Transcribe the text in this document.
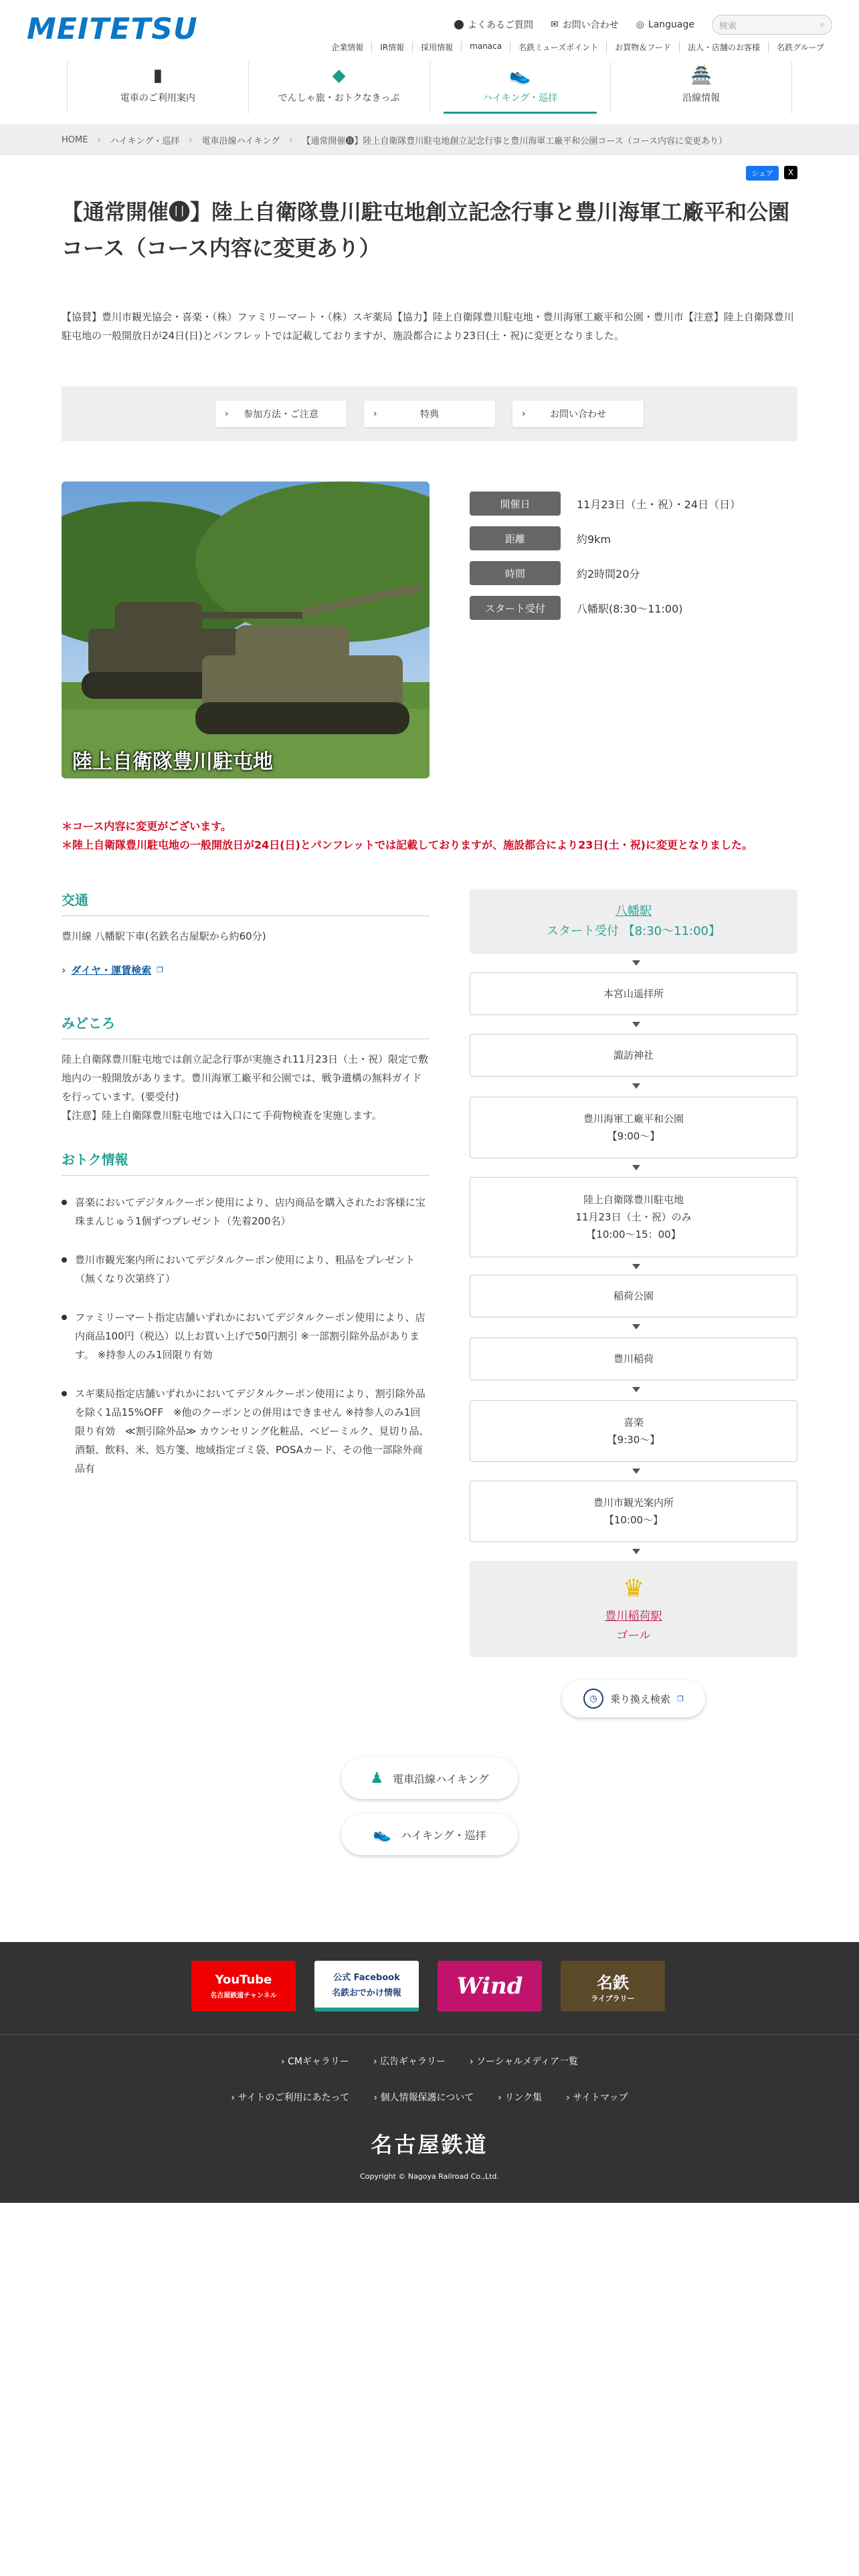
MEITETSU	よくあるご質問 ✉ お問い合わせ ◎ Language	検索	⌕
企業情報	IR情報	採用情報	manaca	名鉄ミューズポイント	お買物＆フード	法人・店舗のお客様	名鉄グループ
▮
電車のご利用案内
◆
でんしゃ旅・おトクなきっぷ
👟
ハイキング・巡拝
🏯
沿線情報
HOME › ハイキング・巡拝 › 電車沿線ハイキング › 【通常開催⓫】陸上自衛隊豊川駐屯地創立記念行事と豊川海軍工廠平和公園コース（コース内容に変更あり）
シェア	X
【通常開催⓫】陸上自衛隊豊川駐屯地創立記念行事と豊川海軍工廠平和公園コース（コース内容に変更あり）
【協賛】豊川市観光協会・喜楽・（株）ファミリーマート・（株）スギ薬局【協力】陸上自衛隊豊川駐屯地・豊川海軍工廠平和公園・豊川市【注意】陸上自衛隊豊川駐屯地の一般開放日が24日(日)とパンフレットでは記載しておりますが、施設都合により23日(土・祝)に変更となりました。
› 参加方法・ご注意	›	特典	›	お問い合わせ
陸上自衛隊豊川駐屯地
開催日	11月23日（土・祝）・24日（日）
距離	約9km
時間	約2時間20分
スタート受付	八幡駅(8:30〜11:00)
＊コース内容に変更がございます。
＊陸上自衛隊豊川駐屯地の一般開放日が24日(日)とパンフレットでは記載しておりますが、施設都合により23日(土・祝)に変更となりました。
交通
豊川線 八幡駅下車(名鉄名古屋駅から約60分)
› ダイヤ・運賃検索 ❐
みどころ
陸上自衛隊豊川駐屯地では創立記念行事が実施され11月23日（土・祝）限定で敷地内の一般開放があります。豊川海軍工廠平和公園では、戦争遺構の無料ガイドを行っています。(要受付)
【注意】陸上自衛隊豊川駐屯地では入口にて手荷物検査を実施します。
おトク情報
喜楽においてデジタルクーポン使用により、店内商品を購入されたお客様に宝珠まんじゅう1個ずつプレゼント（先着200名）
豊川市観光案内所においてデジタルクーポン使用により、粗品をプレゼント（無くなり次第終了）
ファミリーマート指定店舗いずれかにおいてデジタルクーポン使用により、店内商品100円（税込）以上お買い上げで50円割引 ※一部割引除外品があります。 ※持参人のみ1回限り有効
スギ薬局指定店舗いずれかにおいてデジタルクーポン使用により、割引除外品を除く1品15%OFF　※他のクーポンとの併用はできません ※持参人のみ1回限り有効　≪割引除外品≫ カウンセリング化粧品、ベビーミルク、見切り品、酒類、飲料、米、処方箋、地域指定ゴミ袋、POSAカード、その他一部除外商品有
八幡駅
スタート受付 【8:30〜11:00】
本宮山遥拝所
諏訪神社
豊川海軍工廠平和公園
【9:00〜】
陸上自衛隊豊川駐屯地
11月23日（土・祝）のみ
【10:00〜15：00】
稲荷公園
豊川稲荷
喜楽
【9:30〜】
豊川市観光案内所
【10:00〜】
♛
豊川稲荷駅
ゴール
◷	乗り換え検索 ❐
♟ 電車沿線ハイキング
👟 ハイキング・巡拝
YouTube
名古屋鉄道チャンネル
公式 Facebook
名鉄おでかけ情報 Wind	名鉄
ライブラリー
› CMギャラリー	› 広告ギャラリー	› ソーシャルメディア一覧
› サイトのご利用にあたって	› 個人情報保護について	› リンク集	› サイトマップ
名古屋鉄道
Copyright © Nagoya Railroad Co.,Ltd.
